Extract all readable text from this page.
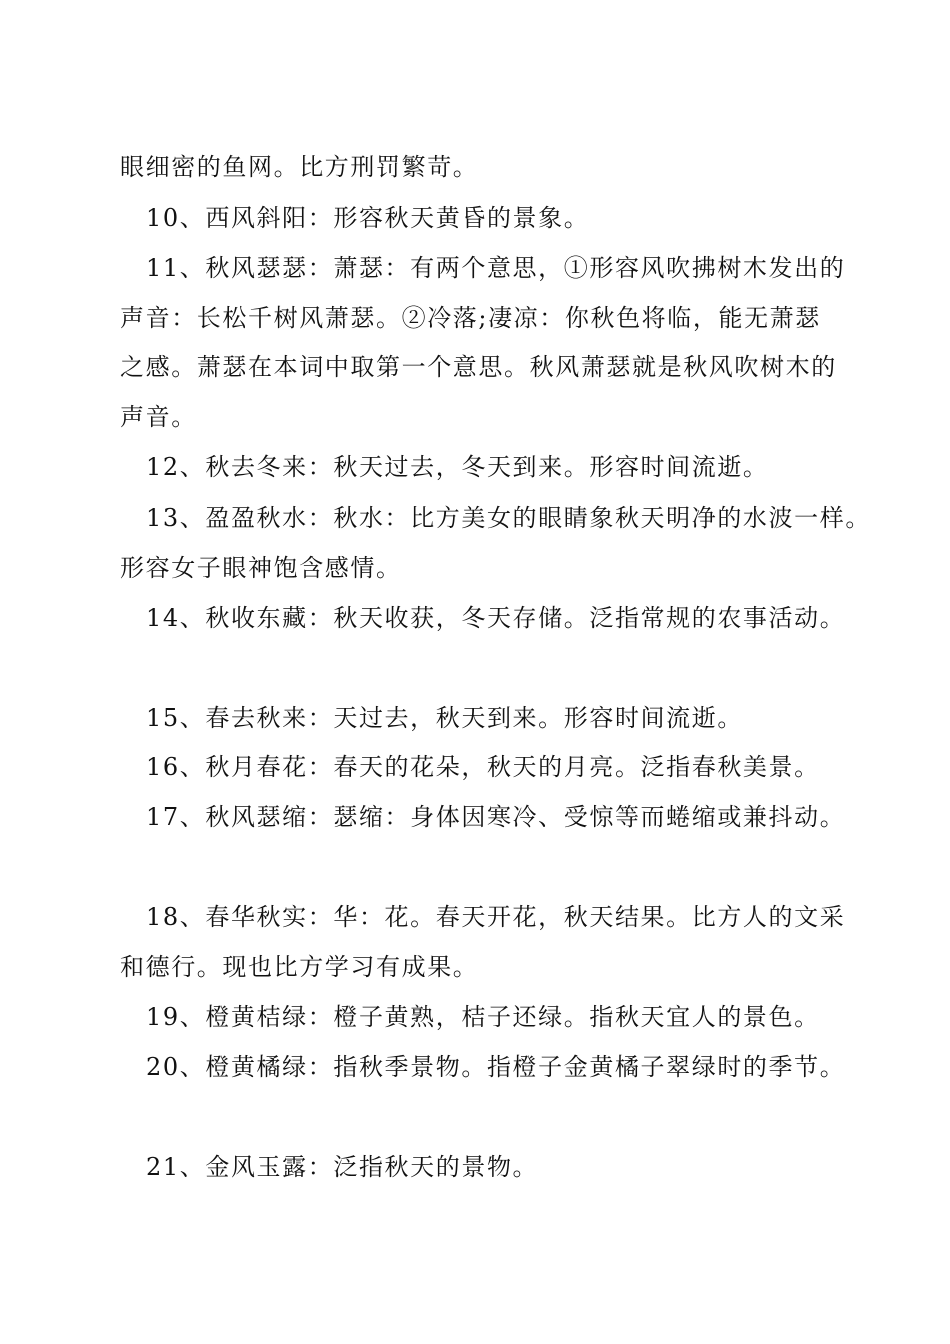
眼细密的鱼网。比方刑罚繁苛。
10、西风斜阳：形容秋天黄昏的景象。
11、秋风瑟瑟：萧瑟：有两个意思，①形容风吹拂树木发出的
声音：长松千树风萧瑟。②冷落;凄凉：你秋色将临，能无萧瑟
之感。萧瑟在本词中取第一个意思。秋风萧瑟就是秋风吹树木的
声音。
12、秋去冬来：秋天过去，冬天到来。形容时间流逝。
13、盈盈秋水：秋水：比方美女的眼睛象秋天明净的水波一样。
形容女子眼神饱含感情。
14、秋收东藏：秋天收获，冬天存储。泛指常规的农事活动。
15、春去秋来：天过去，秋天到来。形容时间流逝。
16、秋月春花：春天的花朵，秋天的月亮。泛指春秋美景。
17、秋风瑟缩：瑟缩：身体因寒冷、受惊等而蜷缩或兼抖动。
18、春华秋实：华：花。春天开花，秋天结果。比方人的文采
和德行。现也比方学习有成果。
19、橙黄桔绿：橙子黄熟，桔子还绿。指秋天宜人的景色。
20、橙黄橘绿：指秋季景物。指橙子金黄橘子翠绿时的季节。
21、金风玉露：泛指秋天的景物。
